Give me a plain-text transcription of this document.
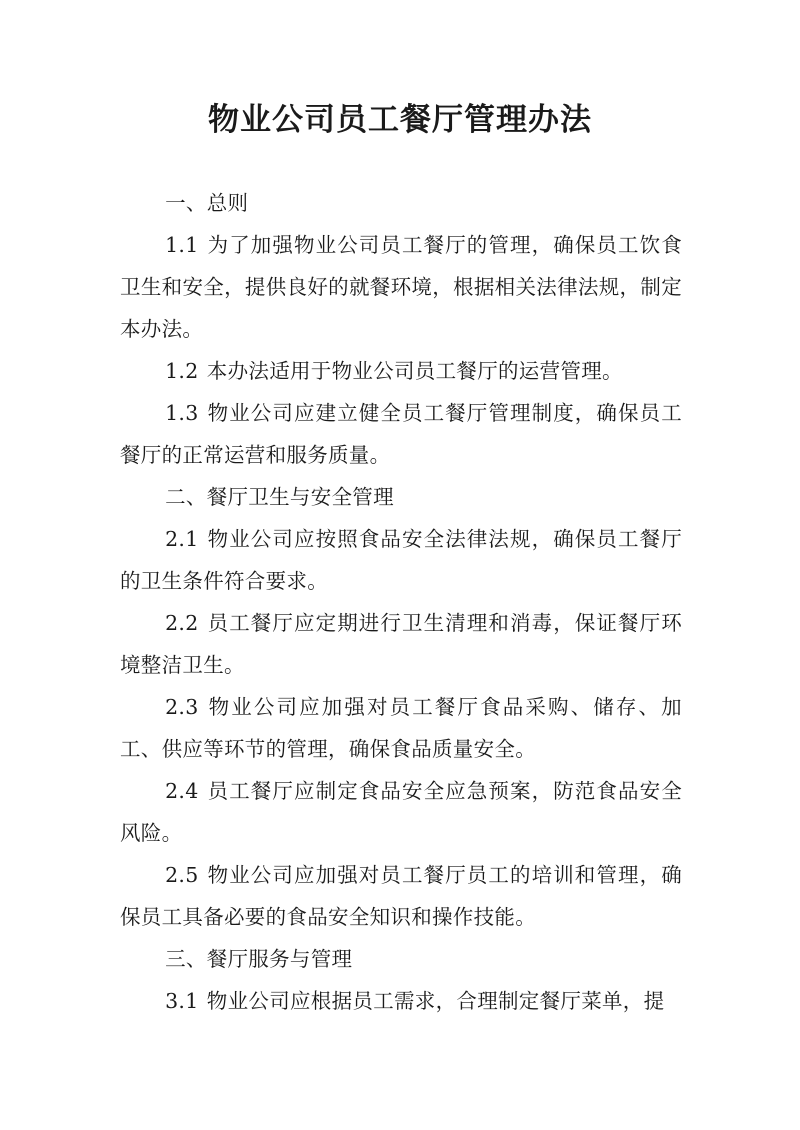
物业公司员工餐厅管理办法

一、总则

1.1 为了加强物业公司员工餐厅的管理，确保员工饮食卫生和安全，提供良好的就餐环境，根据相关法律法规，制定本办法。

1.2 本办法适用于物业公司员工餐厅的运营管理。

1.3 物业公司应建立健全员工餐厅管理制度，确保员工餐厅的正常运营和服务质量。

二、餐厅卫生与安全管理

2.1 物业公司应按照食品安全法律法规，确保员工餐厅的卫生条件符合要求。

2.2 员工餐厅应定期进行卫生清理和消毒，保证餐厅环境整洁卫生。

2.3 物业公司应加强对员工餐厅食品采购、储存、加工、供应等环节的管理，确保食品质量安全。

2.4 员工餐厅应制定食品安全应急预案，防范食品安全风险。

2.5 物业公司应加强对员工餐厅员工的培训和管理，确保员工具备必要的食品安全知识和操作技能。

三、餐厅服务与管理

3.1 物业公司应根据员工需求，合理制定餐厅菜单，提
